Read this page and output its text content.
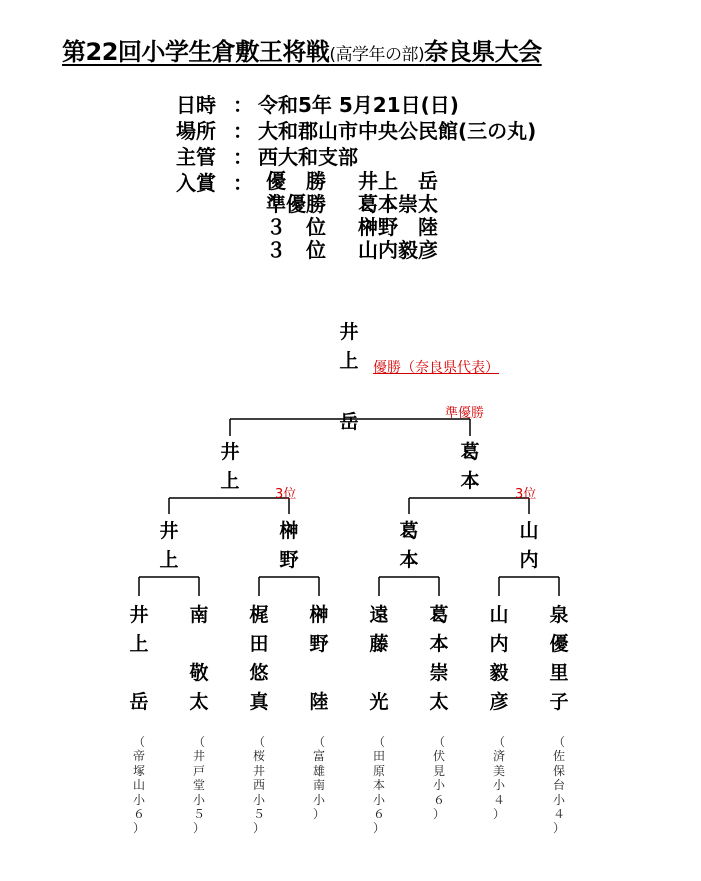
第22回小学生倉敷王将戦(高学年の部)奈良県大会
日時 ： 令和5年 5月21日(日)
場所 ： 大和郡山市中央公民館(三の丸)
主管 ： 西大和支部
入賞 ： 優　勝	井上　岳
準優勝	葛本崇太
３　位	榊野　陸
３　位	山内毅彦
井
上
岳
優勝（奈良県代表）
準優勝
3位	3位
井
上
葛
本
井
上
榊
野
葛
本
山
内
井
上

岳
南

敬
太
梶
田
悠
真
榊
野

陸
遠
藤

光
葛
本
崇
太
山
内
毅
彦
泉
優
里
子
（
帝
塚
山
小
６
）
（
井
戸
堂
小
５
）
（
桜
井
西
小
５
）
（
富
雄
南
小
）
（
田
原
本
小
６
）
（
伏
見
小
６
）
（
済
美
小
４
）
（
佐
保
台
小
４
）
